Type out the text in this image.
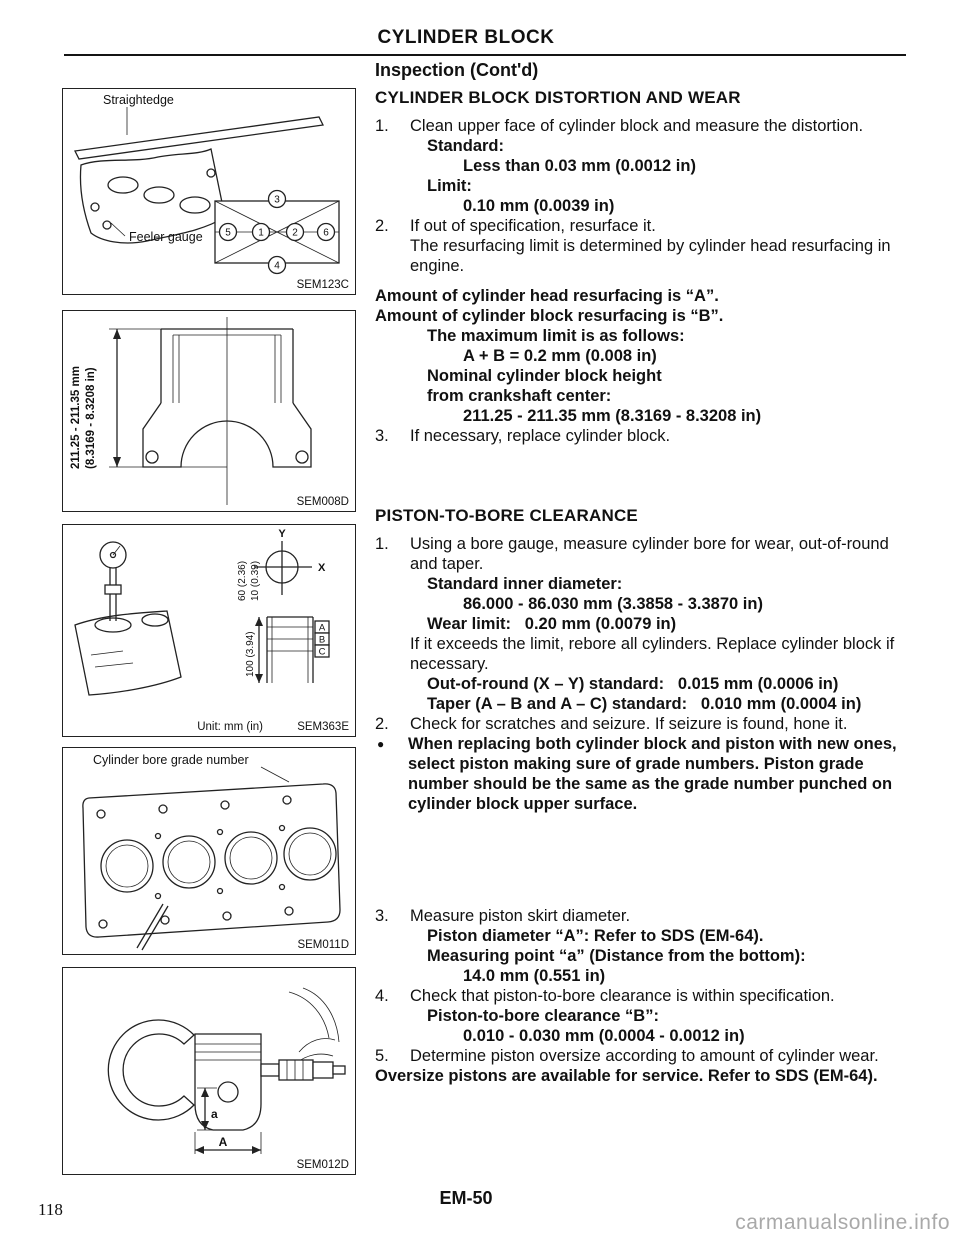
CYLINDER BLOCK
Inspection (Cont'd)
Straightedge
Feeler gauge
3
5	1	2	6
4
SEM123C
211.25 - 211.35 mm (8.3169 - 8.3208 in)
SEM008D
Y
X
60 (2.36) 10 (0.39)
A
B
C
100 (3.94)
Unit: mm (in)	SEM363E
Cylinder bore grade number
SEM011D
a
A
SEM012D
CYLINDER BLOCK DISTORTION AND WEAR
1.	Clean upper face of cylinder block and measure the distortion.
Standard:
Less than 0.03 mm (0.0012 in)
Limit:
0.10 mm (0.0039 in)
2.	If out of specification, resurface it.
The resurfacing limit is determined by cylinder head resurfacing in engine.
Amount of cylinder head resurfacing is “A”.
Amount of cylinder block resurfacing is “B”.
The maximum limit is as follows:
A + B = 0.2 mm (0.008 in)
Nominal cylinder block height
from crankshaft center:
211.25 - 211.35 mm (8.3169 - 8.3208 in)
3.	If necessary, replace cylinder block.
PISTON-TO-BORE CLEARANCE
1.	Using a bore gauge, measure cylinder bore for wear, out-of-round and taper.
Standard inner diameter:
86.000 - 86.030 mm (3.3858 - 3.3870 in)
Wear limit:   0.20 mm (0.0079 in)
If it exceeds the limit, rebore all cylinders. Replace cylinder block if necessary.
Out-of-round (X – Y) standard:   0.015 mm (0.0006 in)
Taper (A – B and A – C) standard:   0.010 mm (0.0004 in)
2.	Check for scratches and seizure. If seizure is found, hone it.
●	When replacing both cylinder block and piston with new ones, select piston making sure of grade numbers. Piston grade number should be the same as the grade number punched on cylinder block upper surface.
3.	Measure piston skirt diameter.
Piston diameter “A”: Refer to SDS (EM-64).
Measuring point “a” (Distance from the bottom):
14.0 mm (0.551 in)
4.	Check that piston-to-bore clearance is within specification.
Piston-to-bore clearance “B”:
0.010 - 0.030 mm (0.0004 - 0.0012 in)
5.	Determine piston oversize according to amount of cylinder wear.
Oversize pistons are available for service. Refer to SDS (EM-64).
EM-50
118
carmanualsonline.info
